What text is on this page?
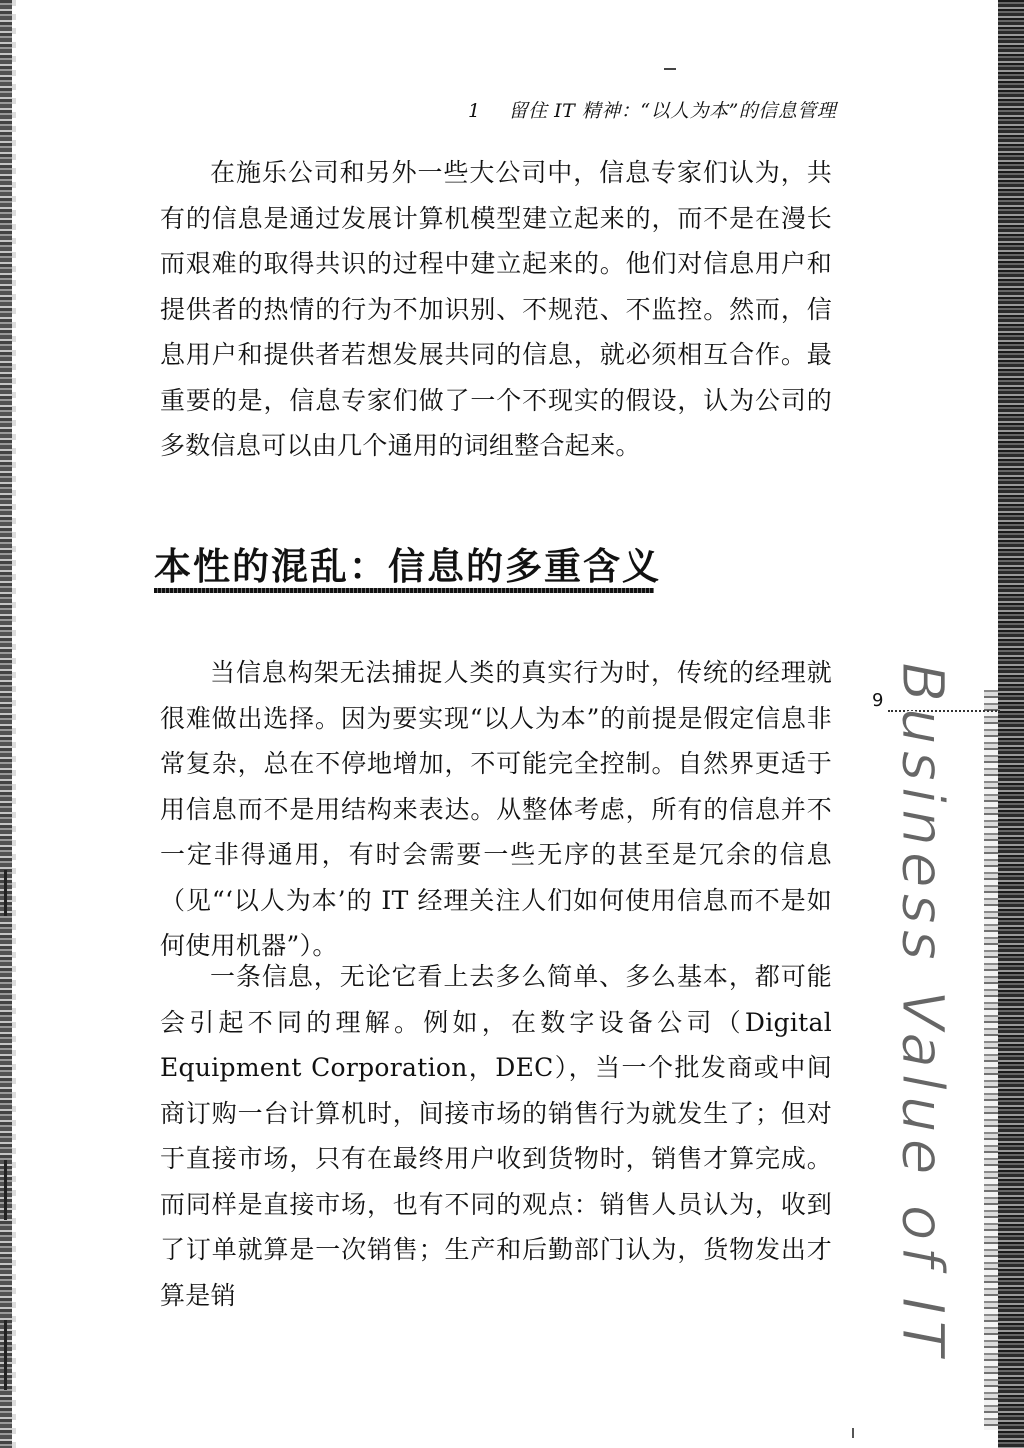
1 留住 IT 精神：“以人为本”的信息管理

在施乐公司和另外一些大公司中，信息专家们认为，共有的信息是通过发展计算机模型建立起来的，而不是在漫长而艰难的取得共识的过程中建立起来的。他们对信息用户和提供者的热情的行为不加识别、不规范、不监控。然而，信息用户和提供者若想发展共同的信息，就必须相互合作。最重要的是，信息专家们做了一个不现实的假设，认为公司的多数信息可以由几个通用的词组整合起来。

本性的混乱：信息的多重含义

当信息构架无法捕捉人类的真实行为时，传统的经理就很难做出选择。因为要实现“以人为本”的前提是假定信息非常复杂，总在不停地增加，不可能完全控制。自然界更适于用信息而不是用结构来表达。从整体考虑，所有的信息并不一定非得通用，有时会需要一些无序的甚至是冗余的信息（见“‘以人为本’的 IT 经理关注人们如何使用信息而不是如何使用机器”）。

一条信息，无论它看上去多么简单、多么基本，都可能会引起不同的理解。例如，在数字设备公司（Digital Equipment Corporation，DEC），当一个批发商或中间商订购一台计算机时，间接市场的销售行为就发生了；但对于直接市场，只有在最终用户收到货物时，销售才算完成。而同样是直接市场，也有不同的观点：销售人员认为，收到了订单就算是一次销售；生产和后勤部门认为，货物发出才算是销

9 Business Value of IT
